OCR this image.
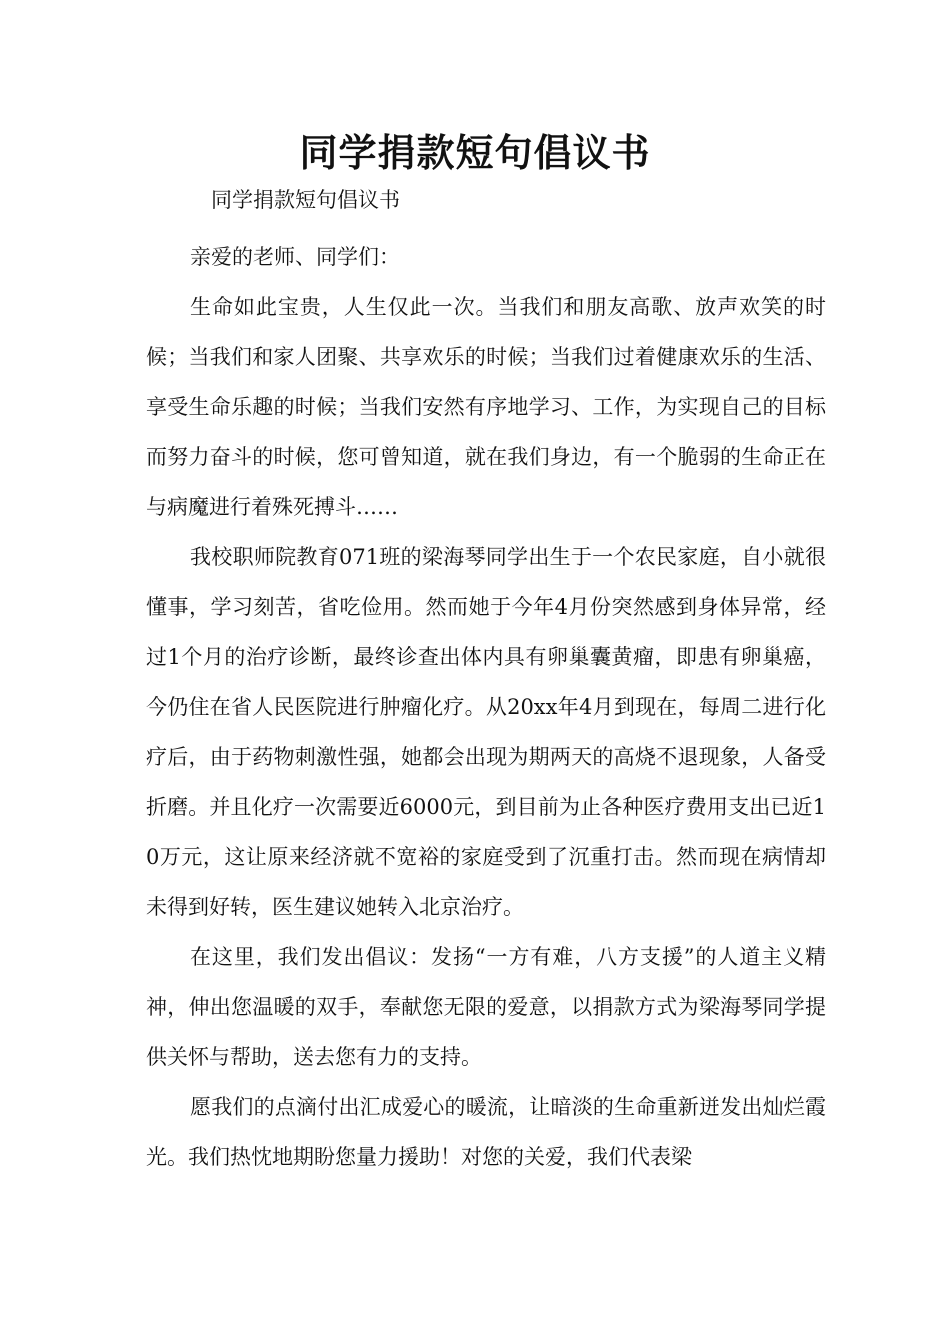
同学捐款短句倡议书

同学捐款短句倡议书

亲爱的老师、同学们：

生命如此宝贵，人生仅此一次。当我们和朋友高歌、放声欢笑的时候；当我们和家人团聚、共享欢乐的时候；当我们过着健康欢乐的生活、享受生命乐趣的时候；当我们安然有序地学习、工作，为实现自己的目标而努力奋斗的时候，您可曾知道，就在我们身边，有一个脆弱的生命正在与病魔进行着殊死搏斗……

我校职师院教育071班的梁海琴同学出生于一个农民家庭，自小就很懂事，学习刻苦，省吃俭用。然而她于今年4月份突然感到身体异常，经过1个月的治疗诊断，最终诊查出体内具有卵巢囊黄瘤，即患有卵巢癌，今仍住在省人民医院进行肿瘤化疗。从20xx年4月到现在，每周二进行化疗后，由于药物刺激性强，她都会出现为期两天的高烧不退现象，人备受折磨。并且化疗一次需要近6000元，到目前为止各种医疗费用支出已近10万元，这让原来经济就不宽裕的家庭受到了沉重打击。然而现在病情却未得到好转，医生建议她转入北京治疗。

在这里，我们发出倡议：发扬“一方有难，八方支援”的人道主义精神，伸出您温暖的双手，奉献您无限的爱意，以捐款方式为梁海琴同学提供关怀与帮助，送去您有力的支持。

愿我们的点滴付出汇成爱心的暖流，让暗淡的生命重新迸发出灿烂霞光。我们热忱地期盼您量力援助！对您的关爱，我们代表梁
